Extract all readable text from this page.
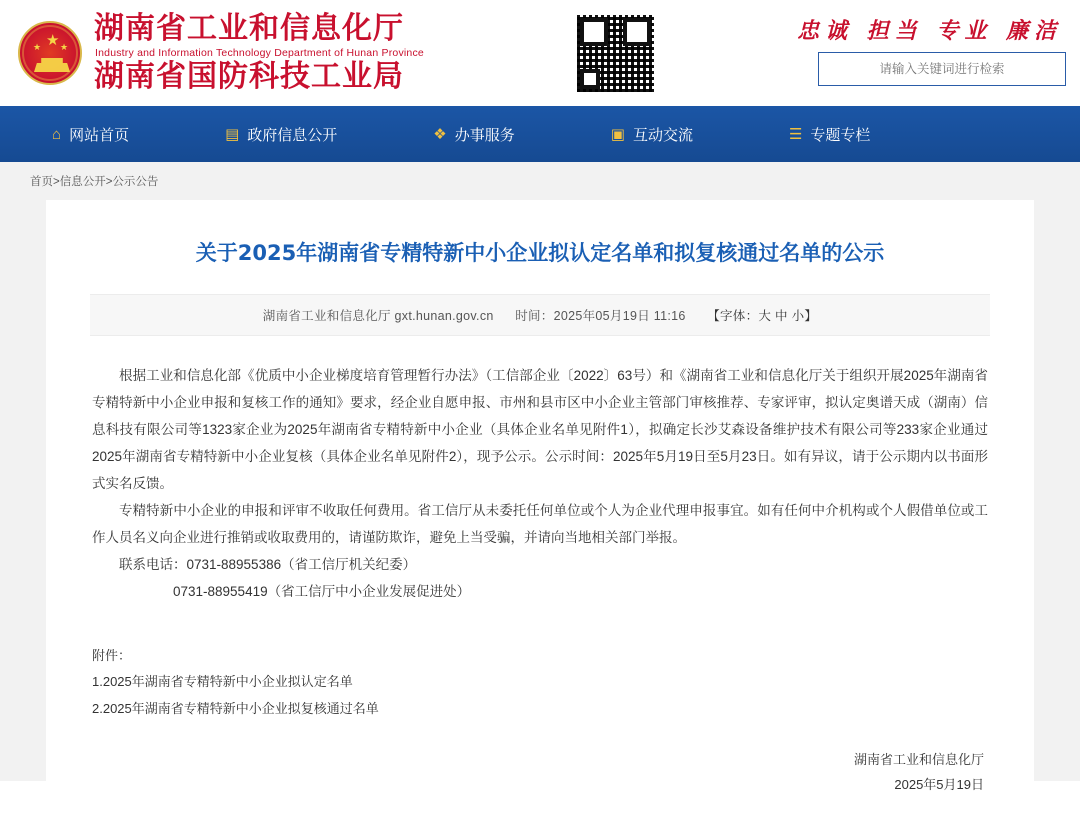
★
★ ★
湖南省工业和信息化厅
Industry and Information Technology Department of Hunan Province
湖南省国防科技工业局
忠诚 担当 专业 廉洁
请输入关键词进行检索
⌂ 网站首页	▤ 政府信息公开	❖ 办事服务	▣ 互动交流	☰ 专题专栏
首页>信息公开>公示公告
关于2025年湖南省专精特新中小企业拟认定名单和拟复核通过名单的公示
湖南省工业和信息化厅 gxt.hunan.gov.cn 时间：2025年05月19日 11:16 【字体：大 中 小】

根据工业和信息化部《优质中小企业梯度培育管理暂行办法》（工信部企业〔2022〕63号）和《湖南省工业和信息化厅关于组织开展2025年湖南省专精特新中小企业申报和复核工作的通知》要求，经企业自愿申报、市州和县市区中小企业主管部门审核推荐、专家评审，拟认定奥谱天成（湖南）信息科技有限公司等1323家企业为2025年湖南省专精特新中小企业（具体企业名单见附件1），拟确定长沙艾森设备维护技术有限公司等233家企业通过2025年湖南省专精特新中小企业复核（具体企业名单见附件2），现予公示。公示时间：2025年5月19日至5月23日。如有异议，请于公示期内以书面形式实名反馈。

专精特新中小企业的申报和评审不收取任何费用。省工信厅从未委托任何单位或个人为企业代理申报事宜。如有任何中介机构或个人假借单位或工作人员名义向企业进行推销或收取费用的，请谨防欺诈，避免上当受骗，并请向当地相关部门举报。

联系电话：0731-88955386（省工信厅机关纪委）

0731-88955419（省工信厅中小企业发展促进处）

附件：

1.2025年湖南省专精特新中小企业拟认定名单

2.2025年湖南省专精特新中小企业拟复核通过名单

湖南省工业和信息化厅
2025年5月19日
